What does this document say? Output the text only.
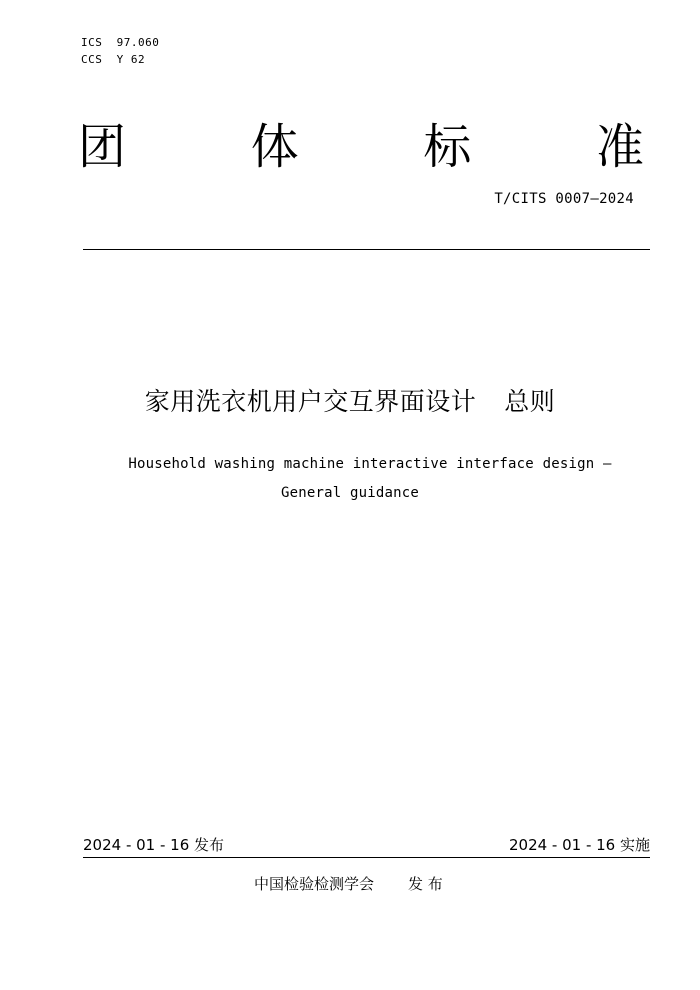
ICS  97.060
CCS  Y 62
团	体	标	准
T/CITS 0007—2024
家用洗衣机用户交互界面设计 总则
Household washing machine interactive interface design –
General guidance
2024 - 01 - 16 发布	2024 - 01 - 16 实施
中国检验检测学会 发 布
